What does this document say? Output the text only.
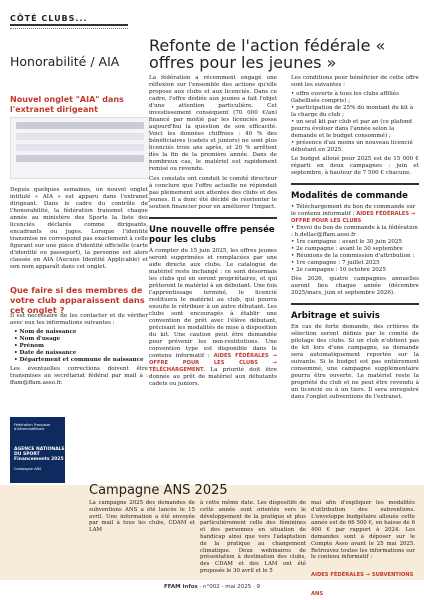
CÔTÉ CLUBS...
Honorabilité / AIA
Nouvel onglet "AIA" dans l'extranet dirigeant

Depuis quelques semaines, un nouvel onglet intitulé « AIA » est apparu dans l'extranet dirigeant. Dans le cadre du contrôle de l'honorabilité, la fédération transmet chaque année au ministère des Sports la liste des licenciés déclarés comme dirigeants, encadrants ou juges. Lorsque l'identité transmise ne correspond pas exactement à celle figurant sur une pièce d'identité officielle (carte d'identité ou passeport), la personne est alors classée en AIA (Aucune Identité Applicable) et son nom apparaît dans cet onglet.

Que faire si des membres de votre club apparaissent dans cet onglet ?

Il est nécessaire de les contacter et de vérifier avec eux les informations suivantes :

• Nom de naissance
• Nom d'usage
• Prénom
• Date de naissance
• Département et commune de naissance

Les éventuelles corrections doivent être transmises au secrétariat fédéral par mail à : ffam@ffam.asso.fr.

Fédération Française d'Aéromodélisme
AGENCE NATIONALE DU SPORT Financements 2025
Campagne ANS
Refonte de l'action fédérale « offres pour les jeunes »

La fédération a récemment engagé une réflexion sur l'ensemble des actions qu'elle propose aux clubs et aux licenciés. Dans ce cadre, l'offre dédiée aux jeunes a fait l'objet d'une attention particulière. Cet investissement conséquent (70 000 €/an) financé par moitié par les licenciés posse aujourd'hui la question de son efficacité. Voici les données chiffrées : 40 % des bénéficiaires (cadets et juniors) ne sont plus licenciés trois ans après, et 20 % arrêtent dès la fin de la première année. Dans de nombreux cas, le matériel est rapidement remisé ou revendu.

Ces constats ont conduit le comité directeur à conclure que l'offre actuelle ne répondait pas pleinement aux attentes des clubs et des jeunes. Il a donc été décidé de réorienter le soutien financier pour en améliorer l'impact.

Une nouvelle offre pensée pour les clubs

À compter du 15 juin 2025, les offres jeunes seront supprimées et remplacées par une aide directe aux clubs. Le catalogue de matériel reste inchangé : ce sont désormais les clubs qui en seront propriétaires, et qui prêteront le matériel à un débutant. Une fois l'apprentissage terminé, le licencié restituera le matériel au club, qui pourra ensuite le rétribuer à un autre débutant. Les clubs sont encouragés à établir une convention de prêt avec l'élève débutant, précisant les modalités de mise à disposition du kit. Une caution peut être demandée pour prévenir les non-restitutions. Une convention type est disponible dans le contenu informatif : AIDES FÉDÉRALES → OFFRE POUR LES CLUBS → TÉLÉCHARGEMENT. La priorité doit être donnée au prêt de matériel aux débutants cadets ou juniors.

Les conditions pour bénéficier de cette offre sont les suivantes :

• offre ouverte à tous les clubs affiliés (labellisés compris) ;
• participation de 25% du montant du kit à la charge du club ;
• un seul kit par club et par an (ce plafond pourra évoluer dans l'année selon la demande et le budget consommé) ;
• présence d'au moins un nouveau licencié débutant en 2025.

Le budget alloué pour 2025 est de 15 000 € réparti en deux campagnes : juin et septembre, à hauteur de 7 500 € chacune.

Modalités de commande
• Téléchargement du bon de commande sur le contenu informatif : AIDES FÉDÉRALES → OFFRE POUR LES CLUBS
• Envoi du bon de commande à la fédération : h.dellac@ffam.asso.fr
• 1re campagne : avant le 30 juin 2025
• 2e campagne : avant le 30 septembre
• Réunions de la commission d'attribution :
• 1re campagne : 7 juillet 2025
• 2e campagne : 10 octobre 2025

Dès 2026, quatre campagnes annuelles auront lieu chaque année (décembre 2025/mars, juin et septembre 2026).

Arbitrage et suivis

En cas de forte demande, des critères de sélection seront définis par le comité de pilotage des clubs. Si un club n'obtient pas de kit lors d'une campagne, sa demande sera automatiquement reportée sur la suivante. Si le budget est pas entièrement consommé, une campagne supplémentaire pourra être ouverte. Le matériel reste la propriété du club et ne peut être revendu à un licencié ou à un tiers. Il sera enregistré dans l'onglet subventions de l'extranet.

Campagne ANS 2025

La campagne 2025 des demandes de subventions ANS a été lancée le 15 avril. Une information a été envoyée par mail à tous les clubs, CDAM et LAM

à cette même date. Les dispositifs de cette année sont orientés vers le développement de la pratique et plus particulièrement celle des féminines et des personnes en situation de handicap ainsi que vers l'adaptation de la pratique au changement climatique. Deux webinaires de présentation à destination des clubs, des CDAM et des LAM ont été proposés le 30 avril et le 5

mai afin d'expliquer les modalités d'attribution des subventions. L'enveloppe budgétaire allouée cette année est de 66 500 €, en baisse de 6 400 € par rapport à 2024. Les demandes sont à déposer sur le Compte Asso avant le 25 mai 2025. Retrouvez toutes les informations sur le contenu informatif :

AIDES FÉDÉRALES → SUBVENTIONS ANS
FFAM infos · n°002 - mai 2025 · 9
